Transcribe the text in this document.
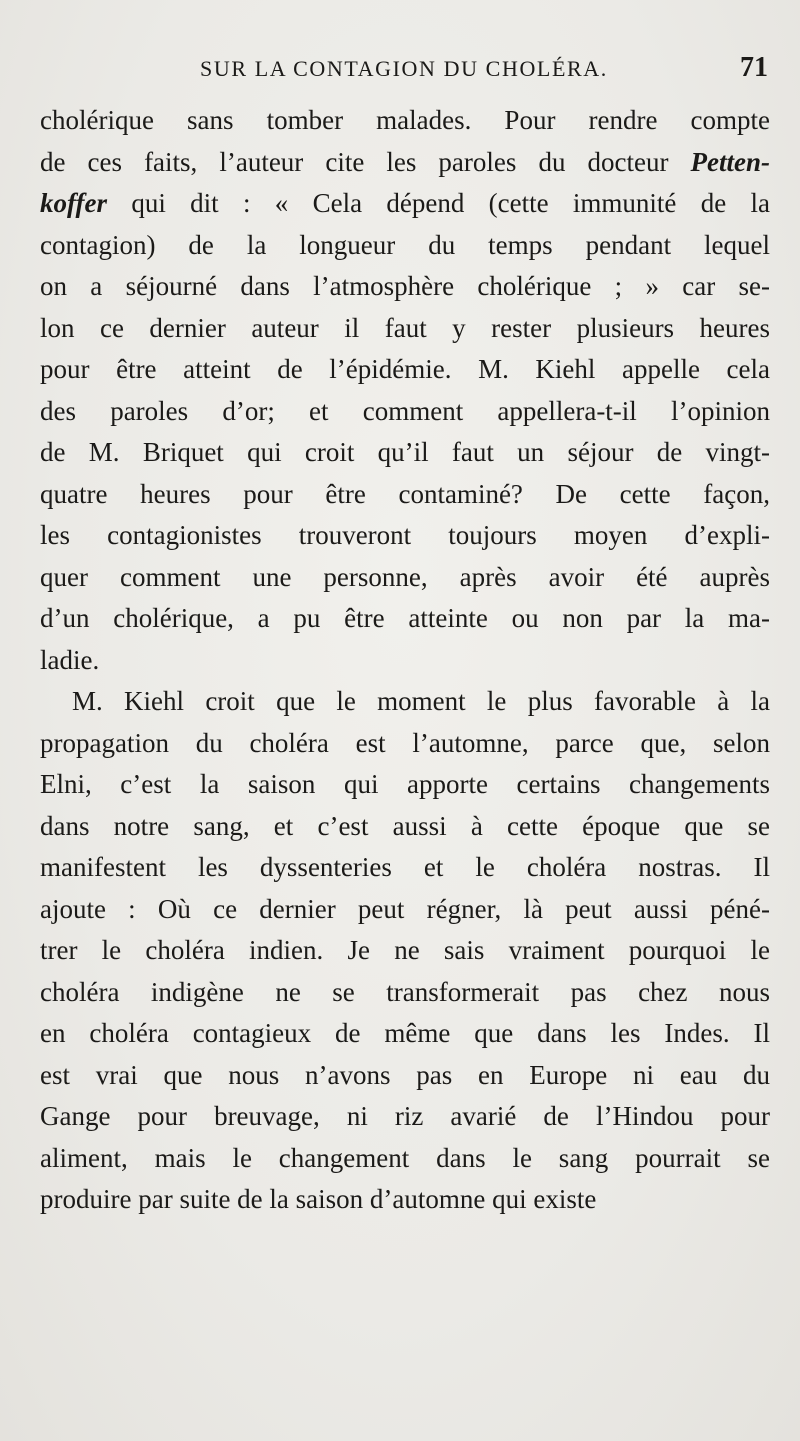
SUR LA CONTAGION DU CHOLÉRA.	71
cholérique sans tomber malades. Pour rendre compte
de ces faits, l’auteur cite les paroles du docteur Petten-
koffer qui dit : « Cela dépend (cette immunité de la
contagion) de la longueur du temps pendant lequel
on a séjourné dans l’atmosphère cholérique ; » car se-
lon ce dernier auteur il faut y rester plusieurs heures
pour être atteint de l’épidémie. M. Kiehl appelle cela
des paroles d’or; et comment appellera-t-il l’opinion
de M. Briquet qui croit qu’il faut un séjour de vingt-
quatre heures pour être contaminé? De cette façon,
les contagionistes trouveront toujours moyen d’expli-
quer comment une personne, après avoir été auprès
d’un cholérique, a pu être atteinte ou non par la ma-
ladie.
M. Kiehl croit que le moment le plus favorable à la
propagation du choléra est l’automne, parce que, selon
Elni, c’est la saison qui apporte certains changements
dans notre sang, et c’est aussi à cette époque que se
manifestent les dyssenteries et le choléra nostras. Il
ajoute : Où ce dernier peut régner, là peut aussi péné-
trer le choléra indien. Je ne sais vraiment pourquoi le
choléra indigène ne se transformerait pas chez nous
en choléra contagieux de même que dans les Indes. Il
est vrai que nous n’avons pas en Europe ni eau du
Gange pour breuvage, ni riz avarié de l’Hindou pour
aliment, mais le changement dans le sang pourrait se
produire par suite de la saison d’automne qui existe
